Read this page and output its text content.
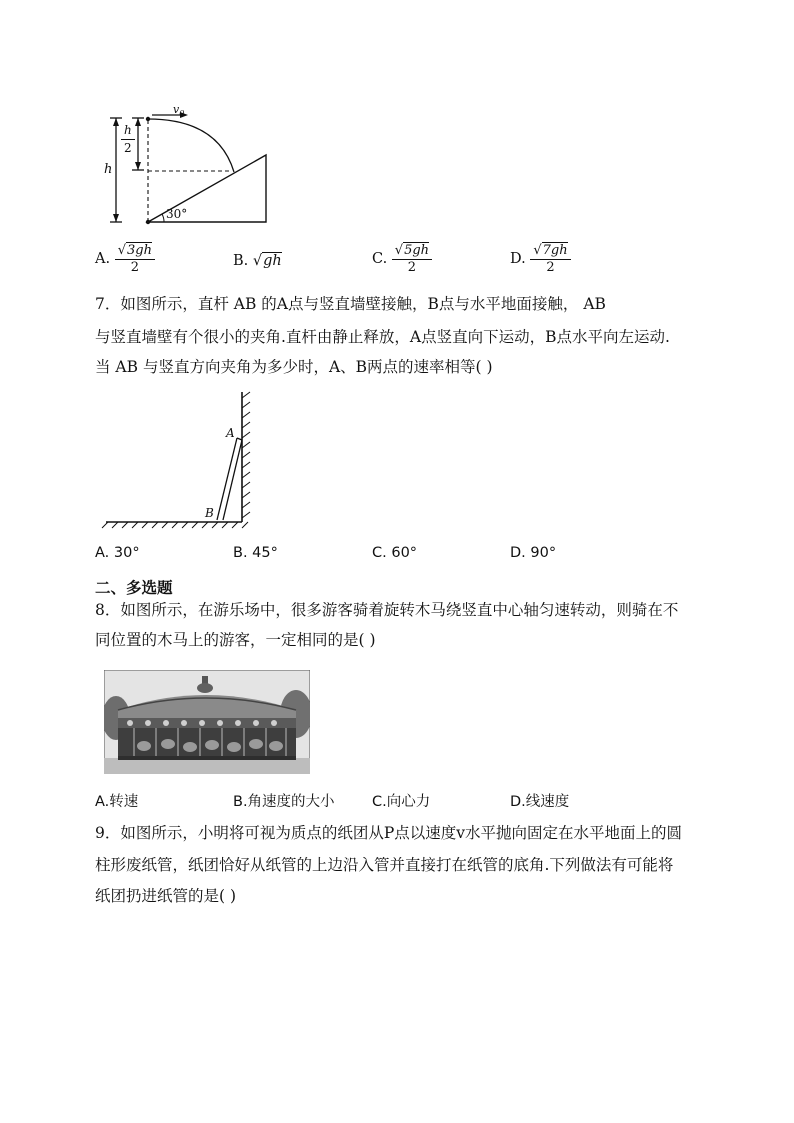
$v_0$
$\frac{h}{2}$
h
30°
A. $\frac{√3gh}{2}$	B. √gh	C. $\frac{√5gh}{2}$	D. $\frac{√7gh}{2}$
7．如图所示，直杆 AB 的A点与竖直墙壁接触，B点与水平地面接触， AB
与竖直墙壁有个很小的夹角.直杆由静止释放，A点竖直向下运动，B点水平向左运动.
当 AB 与竖直方向夹角为多少时，A、B两点的速率相等( )
A
B
A. 30°	B. 45°	C. 60°	D. 90°
二、多选题
8．如图所示，在游乐场中，很多游客骑着旋转木马绕竖直中心轴匀速转动，则骑在不
同位置的木马上的游客，一定相同的是( )
A.转速	B.角速度的大小	C.向心力	D.线速度
9．如图所示，小明将可视为质点的纸团从P点以速度v水平抛向固定在水平地面上的圆
柱形废纸管，纸团恰好从纸管的上边沿入管并直接打在纸管的底角.下列做法有可能将
纸团扔进纸管的是( )
